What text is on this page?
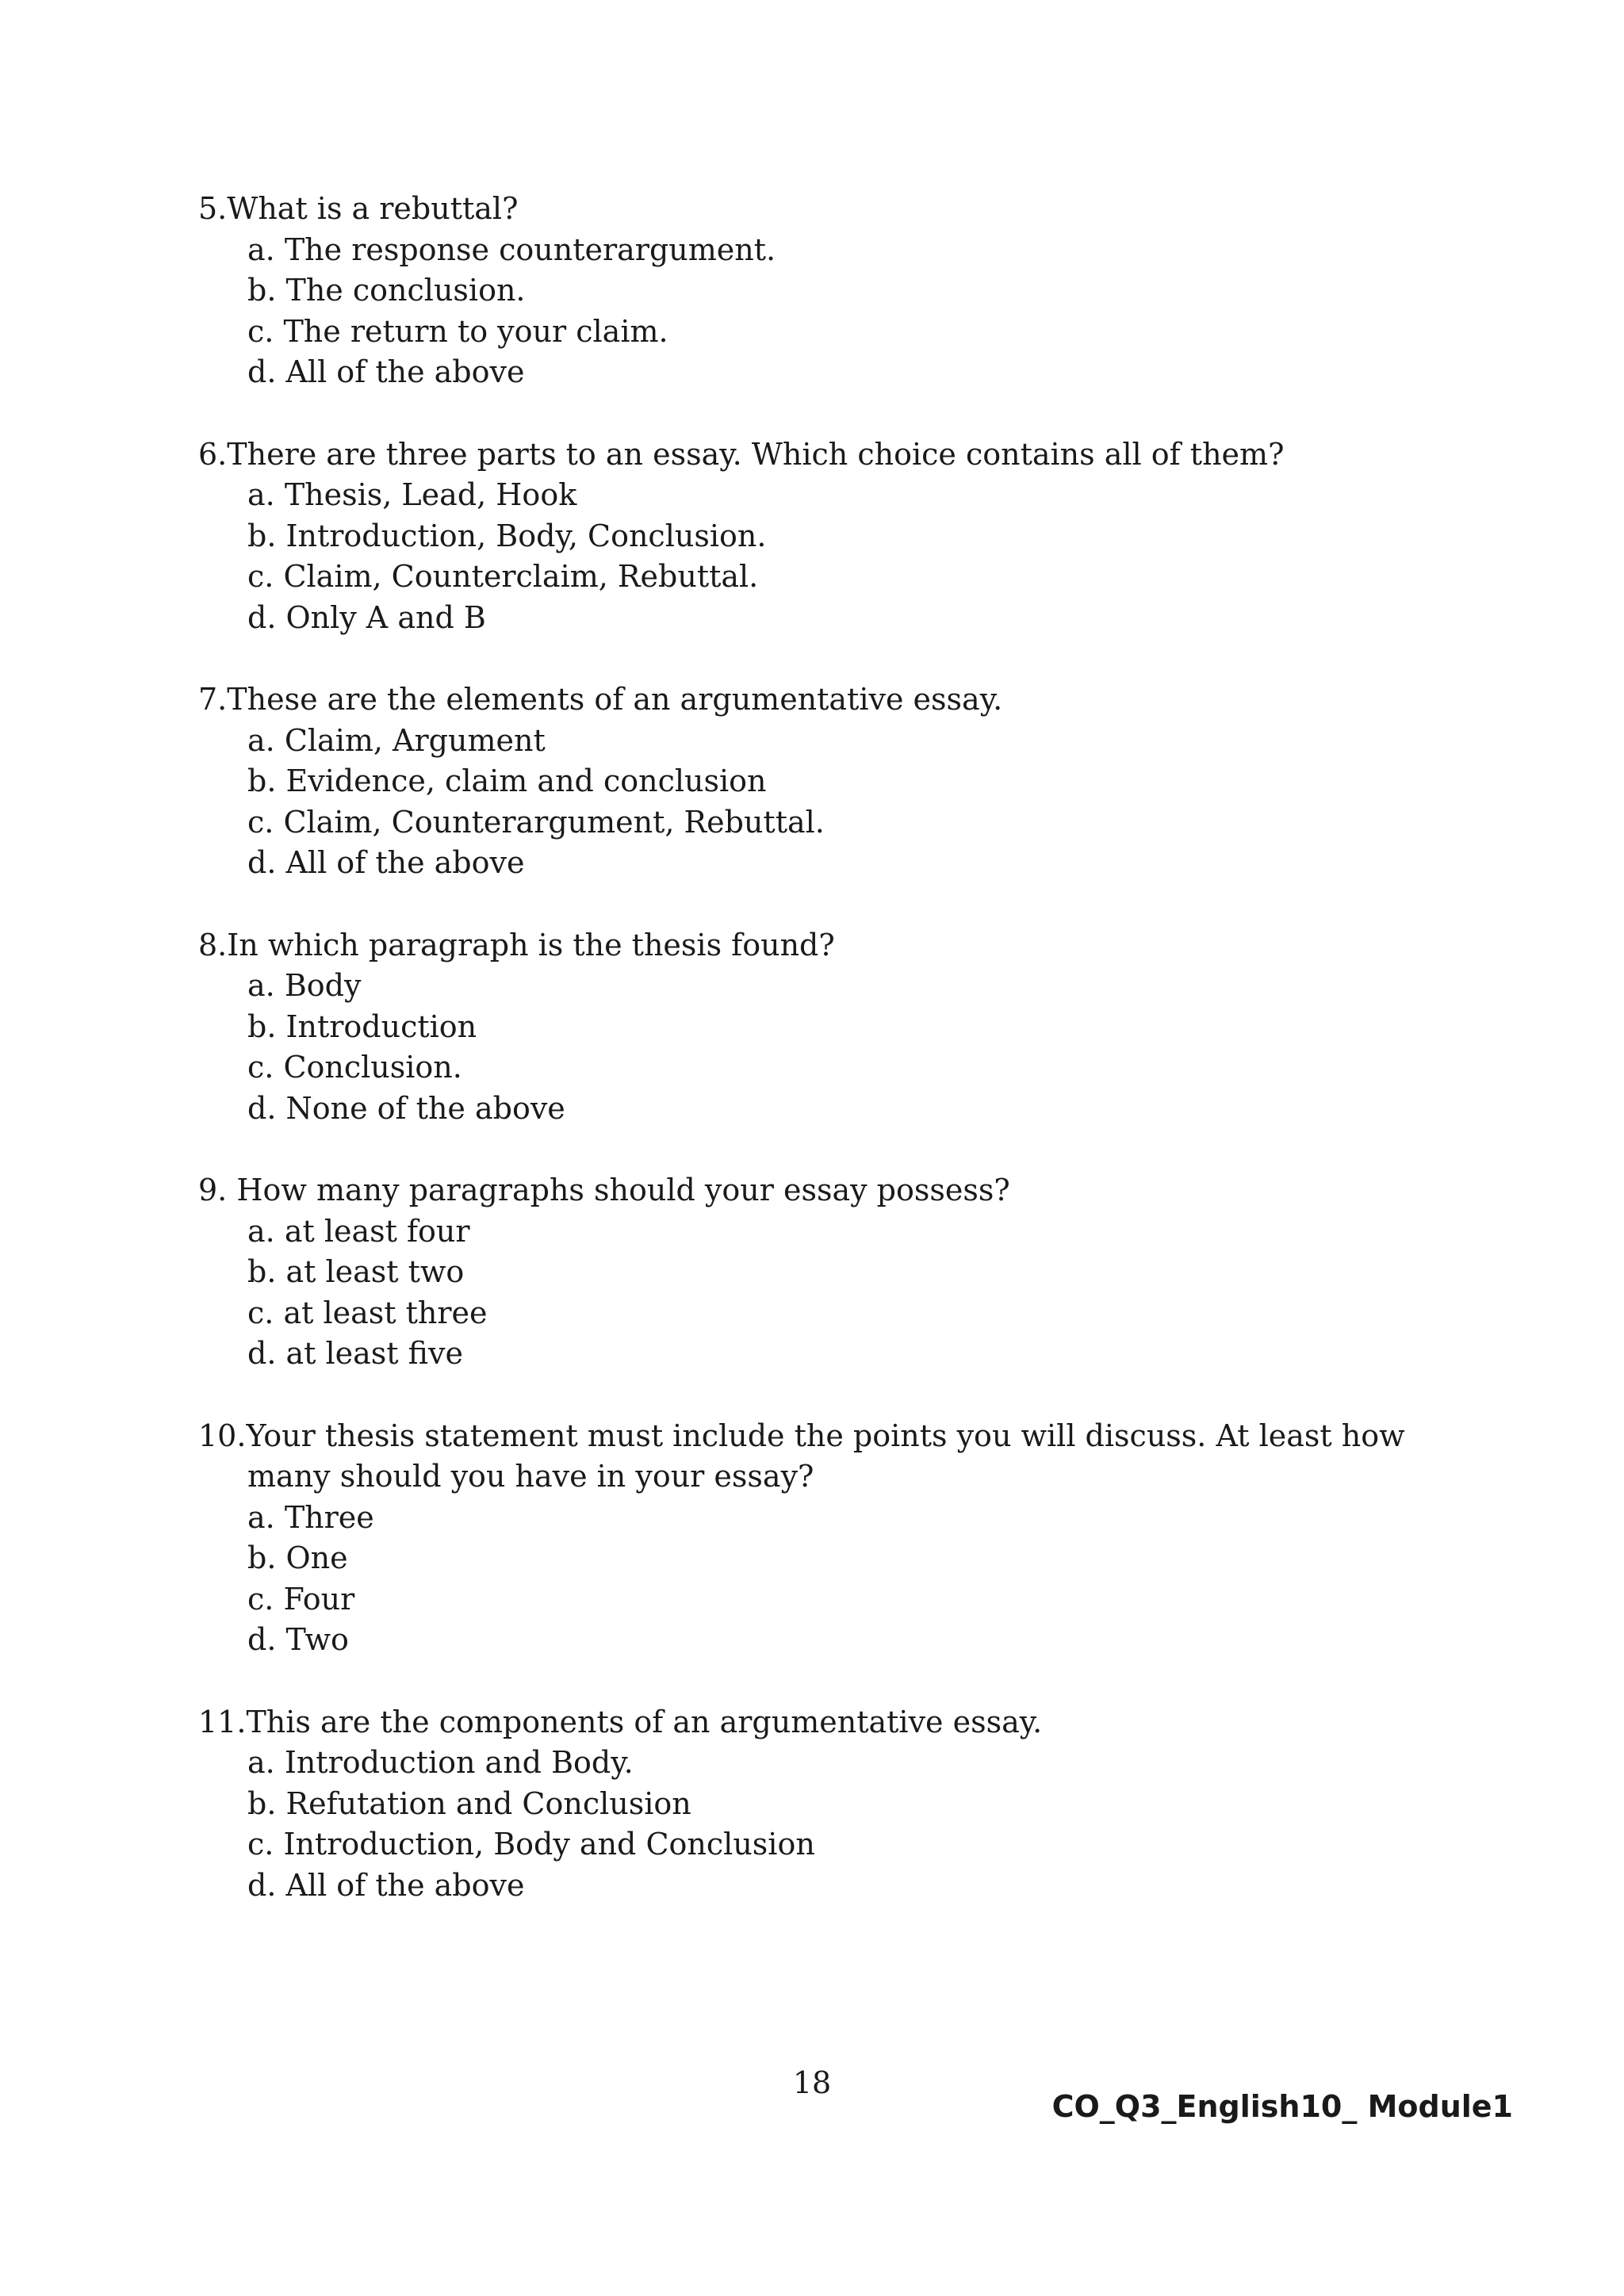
5.What is a rebuttal?
a. The response counterargument.
b. The conclusion.
c. The return to your claim.
d. All of the above
6.There are three parts to an essay. Which choice contains all of them?
a. Thesis, Lead, Hook
b. Introduction, Body, Conclusion.
c. Claim, Counterclaim, Rebuttal.
d. Only A and B
7.These are the elements of an argumentative essay.
a. Claim, Argument
b. Evidence, claim and conclusion
c. Claim, Counterargument, Rebuttal.
d. All of the above
8.In which paragraph is the thesis found?
a. Body
b. Introduction
c. Conclusion.
d. None of the above
9. How many paragraphs should your essay possess?
a. at least four
b. at least two
c. at least three
d. at least five
10.Your thesis statement must include the points you will discuss. At least how many should you have in your essay?
a. Three
b. One
c. Four
d. Two
11.This are the components of an argumentative essay.
a. Introduction and Body.
b. Refutation and Conclusion
c. Introduction, Body and Conclusion
d. All of the above
18
CO_Q3_English10_ Module1
